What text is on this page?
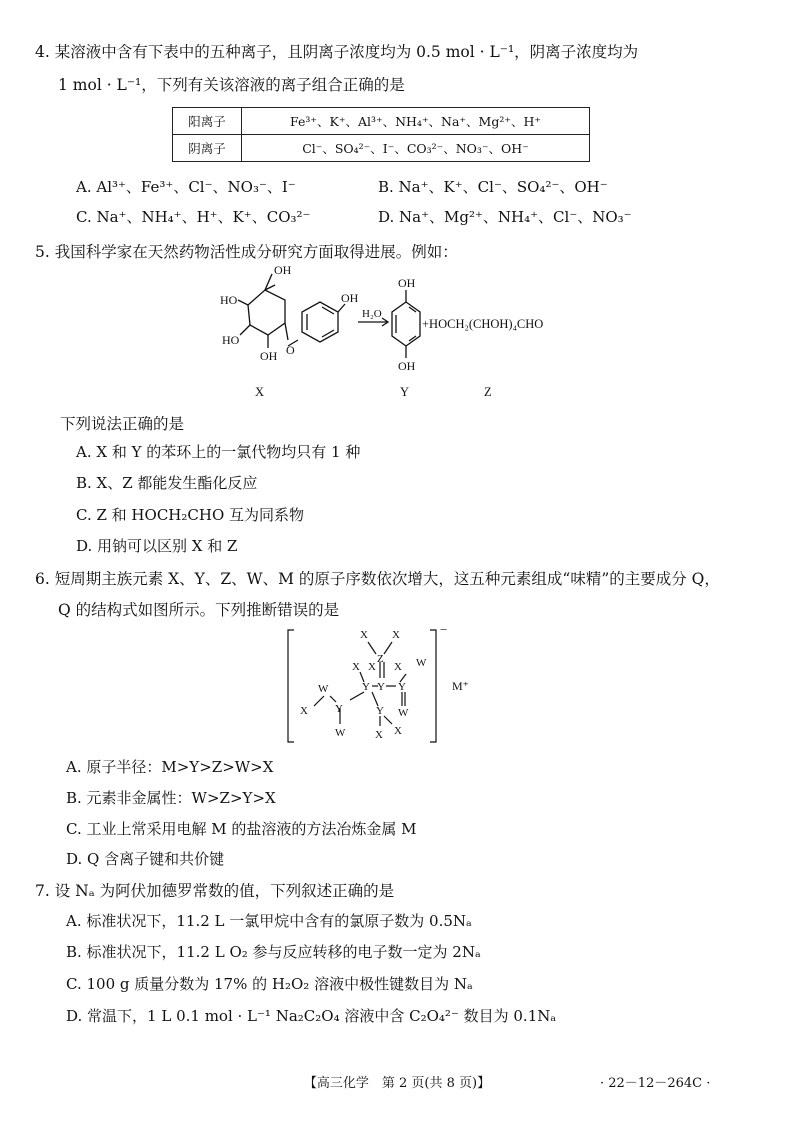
4. 某溶液中含有下表中的五种离子，且阴离子浓度均为 0.5 mol · L⁻¹，阴离子浓度均为
1 mol · L⁻¹，下列有关该溶液的离子组合正确的是
阳离子	Fe³⁺、K⁺、Al³⁺、NH₄⁺、Na⁺、Mg²⁺、H⁺
阴离子	Cl⁻、SO₄²⁻、I⁻、CO₃²⁻、NO₃⁻、OH⁻
A. Al³⁺、Fe³⁺、Cl⁻、NO₃⁻、I⁻	B. Na⁺、K⁺、Cl⁻、SO₄²⁻、OH⁻
C. Na⁺、NH₄⁺、H⁺、K⁺、CO₃²⁻	D. Na⁺、Mg²⁺、NH₄⁺、Cl⁻、NO₃⁻
5. 我国科学家在天然药物活性成分研究方面取得进展。例如：
OH
HO
HO
OH O
OH
H₂O
OH
OH
+HOCH₂(CHOH)₄CHO
X	Y	Z
下列说法正确的是
A. X 和 Y 的苯环上的一氯代物均只有 1 种
B. X、Z 都能发生酯化反应
C. Z 和 HOCH₂CHO 互为同系物
D. 用钠可以区别 X 和 Z
6. 短周期主族元素 X、Y、Z、W、M 的原子序数依次增大，这五种元素组成“味精”的主要成分 Q，
Q 的结构式如图所示。下列推断错误的是
X X
Z
X X X W
Y Y Y
W
Y	Y W
X
W	X X
−
M⁺
A. 原子半径：M>Y>Z>W>X
B. 元素非金属性：W>Z>Y>X
C. 工业上常采用电解 M 的盐溶液的方法冶炼金属 M
D. Q 含离子键和共价键
7. 设 Nₐ 为阿伏加德罗常数的值，下列叙述正确的是
A. 标准状况下，11.2 L 一氯甲烷中含有的氯原子数为 0.5Nₐ
B. 标准状况下，11.2 L O₂ 参与反应转移的电子数一定为 2Nₐ
C. 100 g 质量分数为 17% 的 H₂O₂ 溶液中极性键数目为 Nₐ
D. 常温下，1 L 0.1 mol · L⁻¹ Na₂C₂O₄ 溶液中含 C₂O₄²⁻ 数目为 0.1Nₐ
【高三化学　第 2 页(共 8 页)】	· 22－12－264C ·
